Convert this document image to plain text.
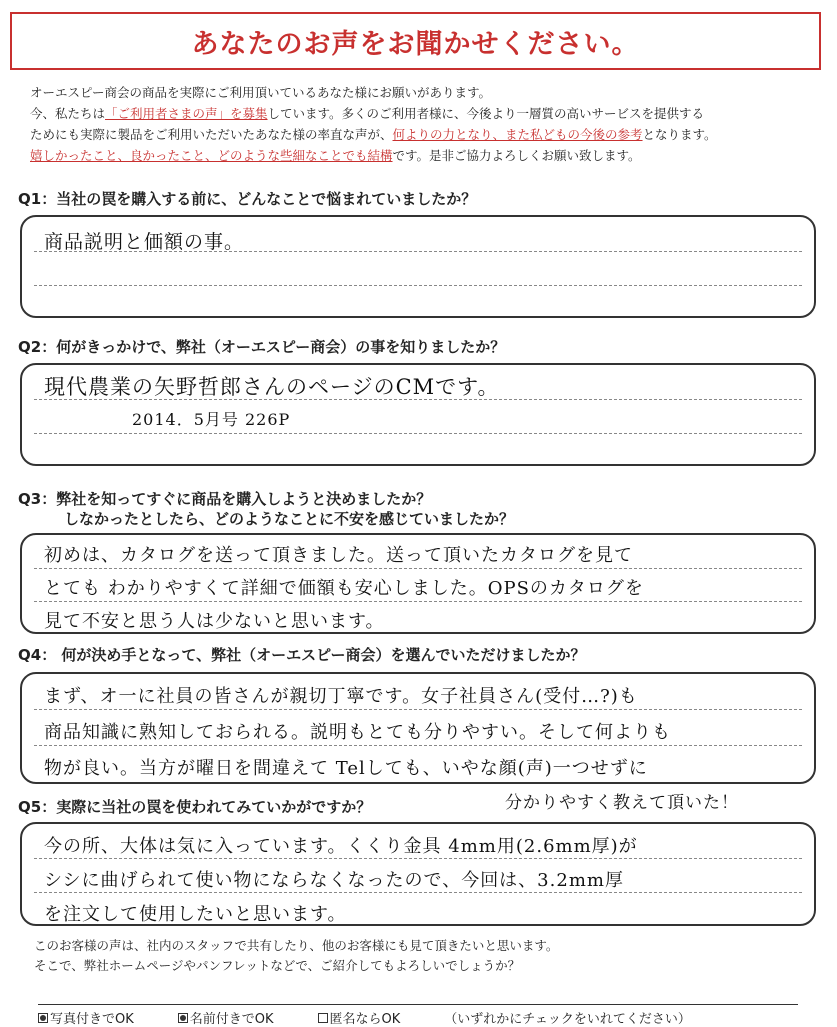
あなたのお声をお聞かせください。
オーエスピー商会の商品を実際にご利用頂いているあなた様にお願いがあります。
今、私たちは「ご利用者さまの声」を募集しています。多くのご利用者様に、今後より一層質の高いサービスを提供する
ためにも実際に製品をご利用いただいたあなた様の率直な声が、何よりの力となり、また私どもの今後の参考となります。
嬉しかったこと、良かったこと、どのような些細なことでも結構です。是非ご協力よろしくお願い致します。
Q1：当社の罠を購入する前に、どんなことで悩まれていましたか？
商品説明と価額の事。
Q2：何がきっかけで、弊社（オーエスピー商会）の事を知りましたか？
現代農業の矢野哲郎さんのページのCMです。
2014．5月号 226P
Q3：弊社を知ってすぐに商品を購入しようと決めましたか？
しなかったとしたら、どのようなことに不安を感じていましたか？
初めは、カタログを送って頂きました。送って頂いたカタログを見て
とても わかりやすくて詳細で価額も安心しました。OPSのカタログを
見て不安と思う人は少ないと思います。
Q4： 何が決め手となって、弊社（オーエスピー商会）を選んでいただけましたか？
まず、オ一に社員の皆さんが親切丁寧です。女子社員さん(受付…?)も
商品知識に熟知しておられる。説明もとても分りやすい。そして何よりも
物が良い。当方が曜日を間違えて Telしても、いやな顔(声)一つせずに
分かりやすく教えて頂いた！
Q5：実際に当社の罠を使われてみていかがですか？
今の所、大体は気に入っています。くくり金具 4mm用(2.6mm厚)が
シシに曲げられて使い物にならなくなったので、今回は、3.2mm厚
を注文して使用したいと思います。
このお客様の声は、社内のスタッフで共有したり、他のお客様にも見て頂きたいと思います。
そこで、弊社ホームページやパンフレットなどで、ご紹介してもよろしいでしょうか？
写真付きでOK	名前付きでOK	匿名ならOK	（いずれかにチェックをいれてください）
